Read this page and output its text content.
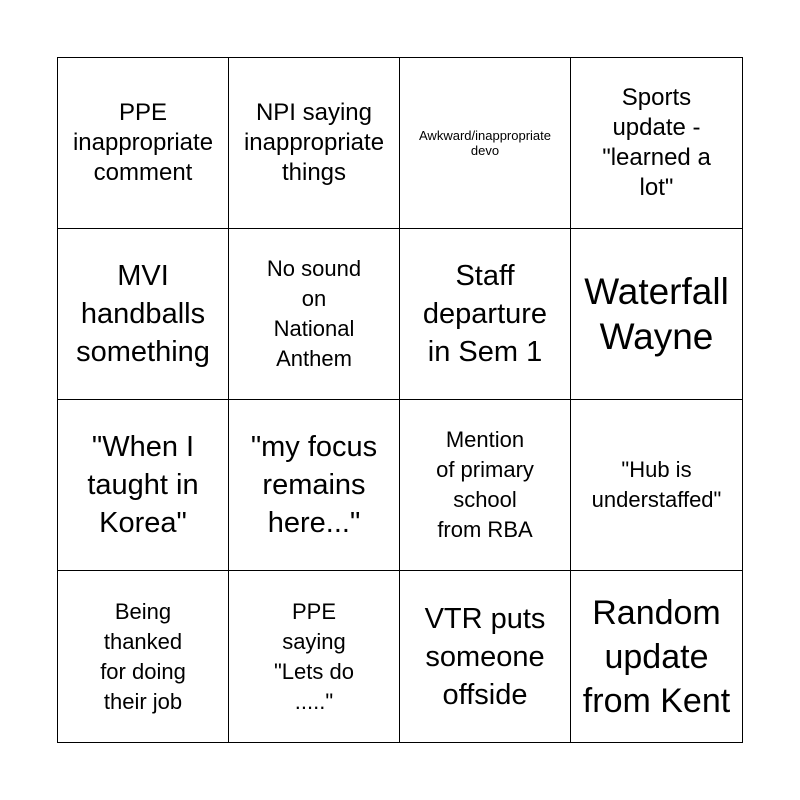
PPE
inappropriate
comment
NPI saying
inappropriate
things
Awkward/inappropriate
devo
Sports
update -
"learned a
lot"
MVI
handballs
something
No sound
on
National
Anthem
Staff
departure
in Sem 1
Waterfall
Wayne
"When I
taught in
Korea"
"my focus
remains
here..."
Mention
of primary
school
from RBA
"Hub is
understaffed"
Being
thanked
for doing
their job
PPE
saying
"Lets do
....."
VTR puts
someone
offside
Random
update
from Kent
